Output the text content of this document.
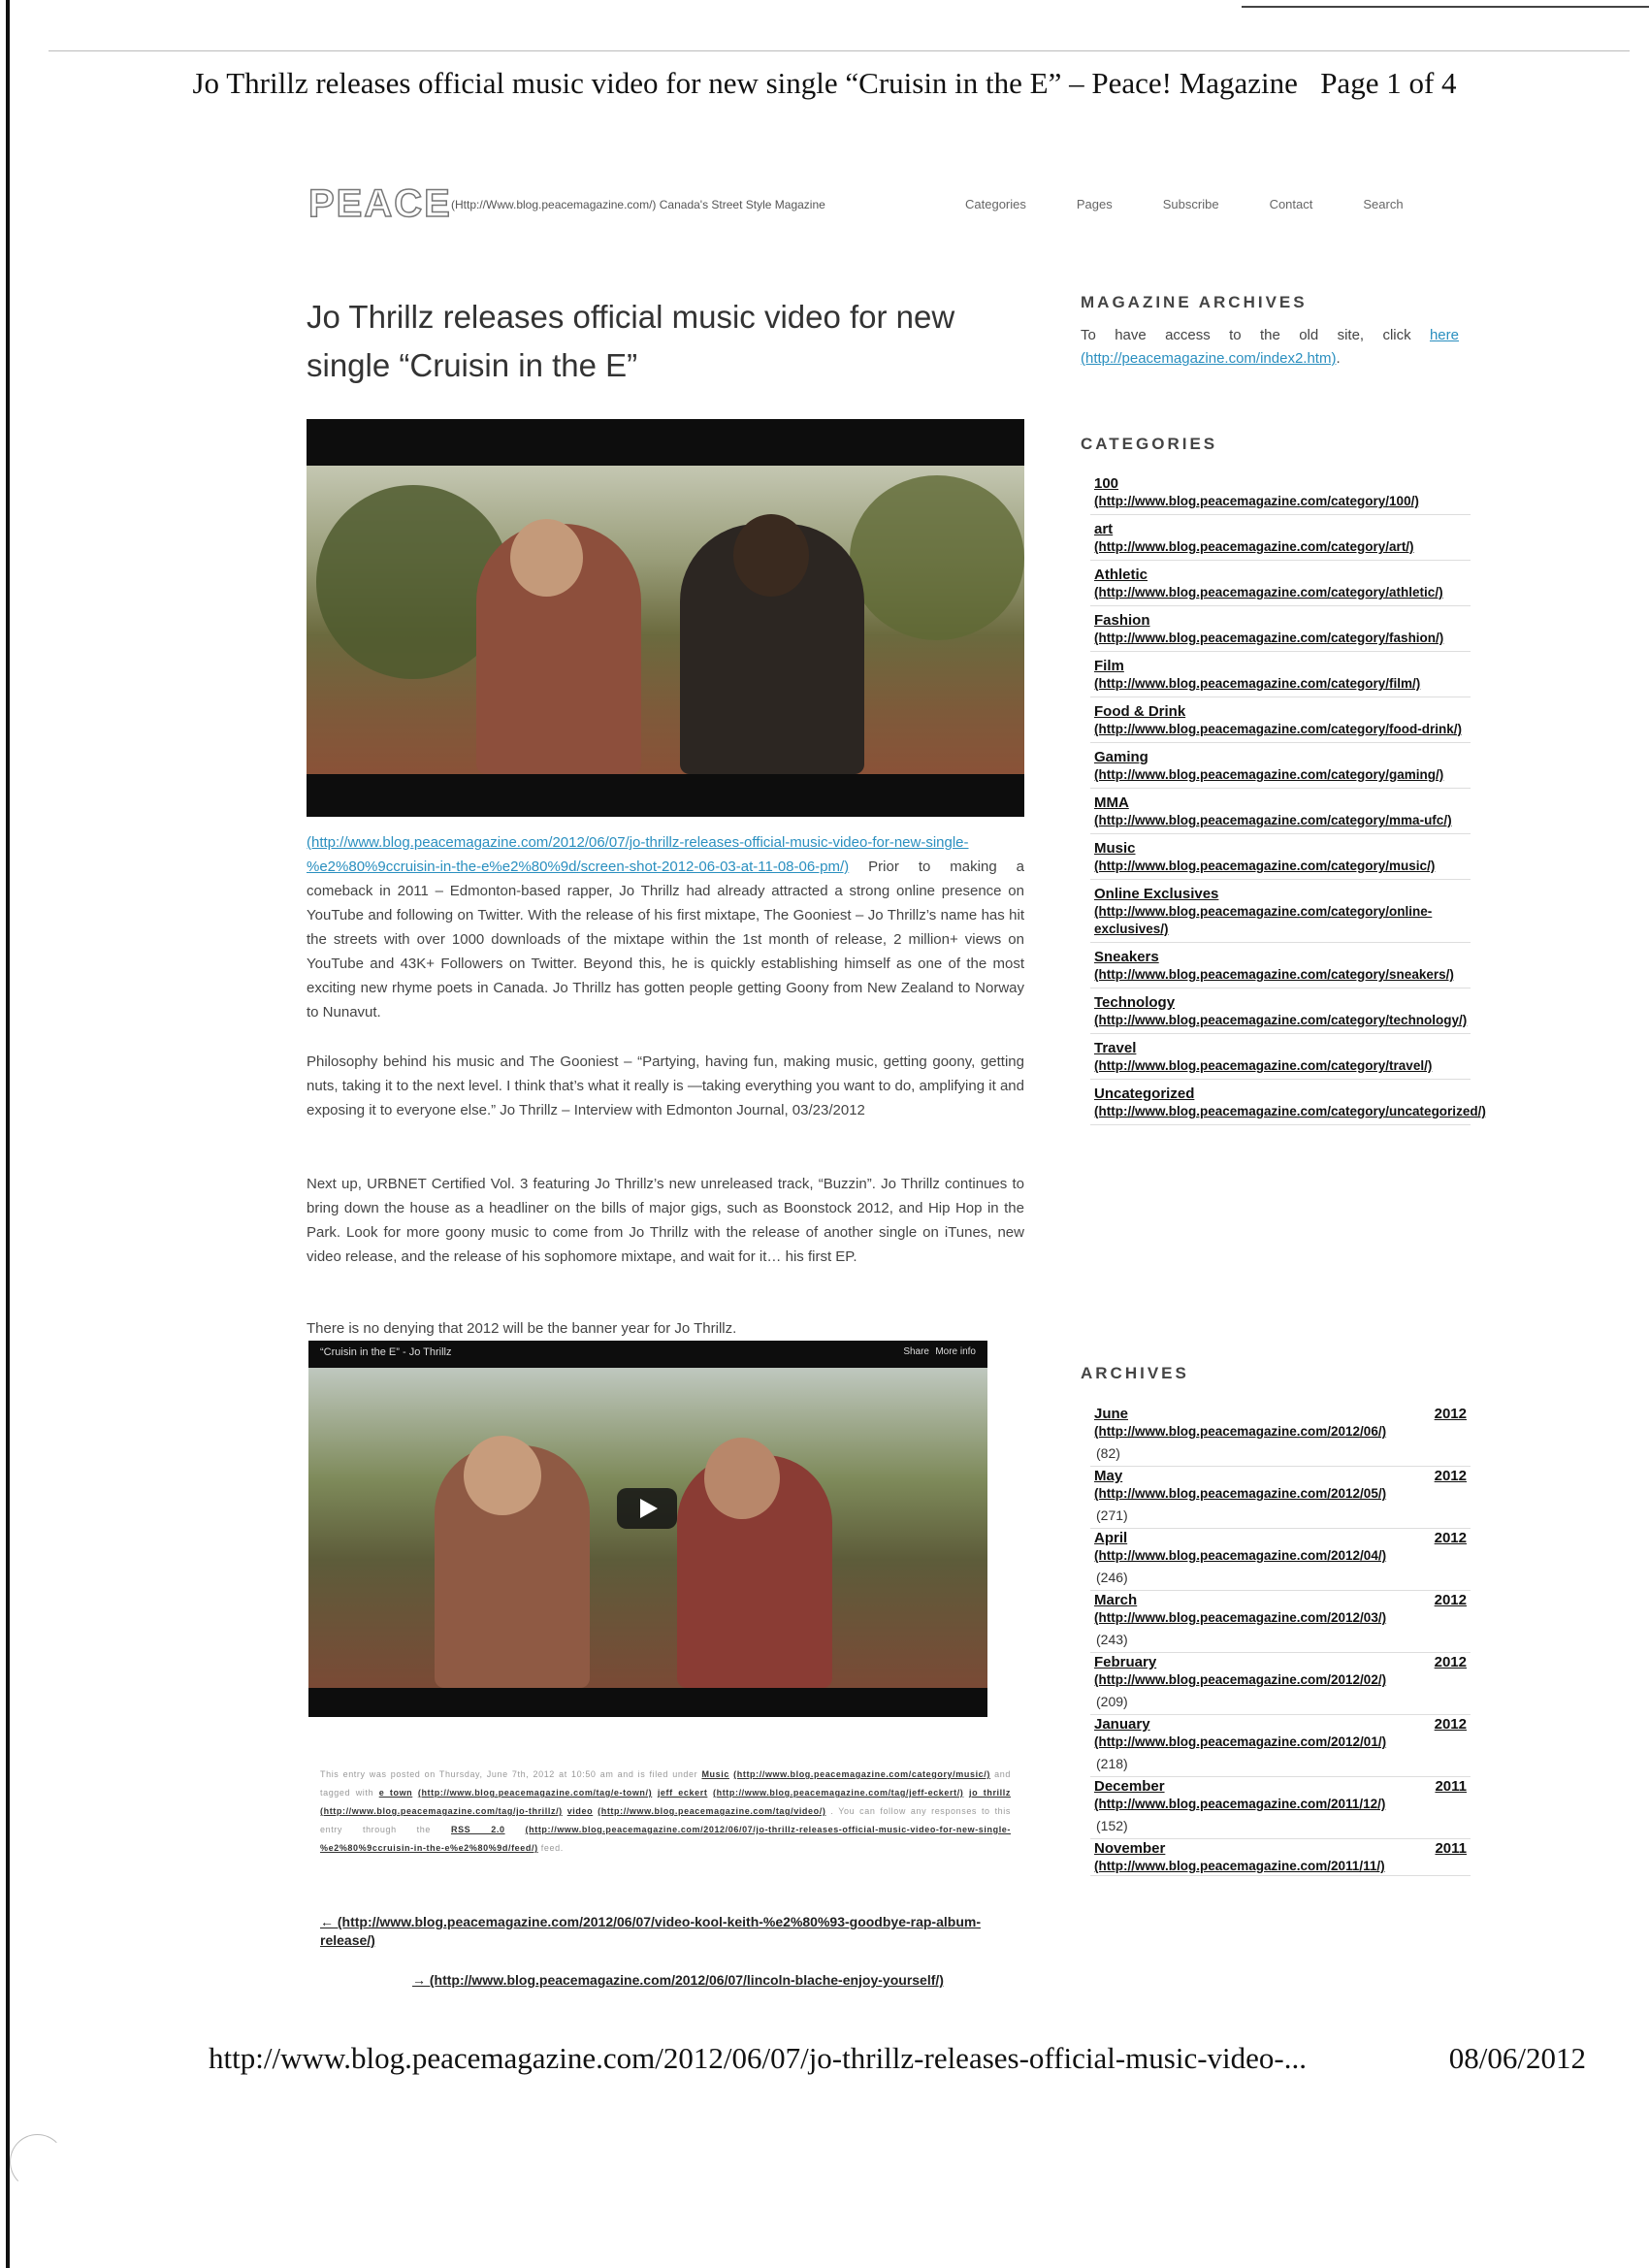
Jo Thrillz releases official music video for new single “Cruisin in the E” – Peace! Magazine Page 1 of 4
PEACE (Http://Www.blog.peacemagazine.com/) Canada's Street Style Magazine	Categories	Pages	Subscribe	Contact	Search
Jo Thrillz releases official music video for new single “Cruisin in the E”
(http://www.blog.peacemagazine.com/2012/06/07/jo-thrillz-releases-official-music-video-for-new-single-%e2%80%9ccruisin-in-the-e%e2%80%9d/screen-shot-2012-06-03-at-11-08-06-pm/) Prior to making a comeback in 2011 – Edmonton-based rapper, Jo Thrillz had already attracted a strong online presence on YouTube and following on Twitter. With the release of his first mixtape, The Gooniest – Jo Thrillz’s name has hit the streets with over 1000 downloads of the mixtape within the 1st month of release, 2 million+ views on YouTube and 43K+ Followers on Twitter. Beyond this, he is quickly establishing himself as one of the most exciting new rhyme poets in Canada. Jo Thrillz has gotten people getting Goony from New Zealand to Norway to Nunavut.

Philosophy behind his music and The Gooniest – “Partying, having fun, making music, getting goony, getting nuts, taking it to the next level. I think that’s what it really is —taking everything you want to do, amplifying it and exposing it to everyone else.” Jo Thrillz – Interview with Edmonton Journal, 03/23/2012

Next up, URBNET Certified Vol. 3 featuring Jo Thrillz’s new unreleased track, “Buzzin”. Jo Thrillz continues to bring down the house as a headliner on the bills of major gigs, such as Boonstock 2012, and Hip Hop in the Park. Look for more goony music to come from Jo Thrillz with the release of another single on iTunes, new video release, and the release of his sophomore mixtape, and wait for it… his first EP.

There is no denying that 2012 will be the banner year for Jo Thrillz.

“Cruisin in the E” - Jo Thrillz	Share More info
This entry was posted on Thursday, June 7th, 2012 at 10:50 am and is filed under Music (http://www.blog.peacemagazine.com/category/music/) and tagged with e town (http://www.blog.peacemagazine.com/tag/e-town/) jeff eckert (http://www.blog.peacemagazine.com/tag/jeff-eckert/) jo thrillz (http://www.blog.peacemagazine.com/tag/jo-thrillz/) video (http://www.blog.peacemagazine.com/tag/video/) . You can follow any responses to this entry through the RSS 2.0 (http://www.blog.peacemagazine.com/2012/06/07/jo-thrillz-releases-official-music-video-for-new-single-%e2%80%9ccruisin-in-the-e%e2%80%9d/feed/) feed.
← (http://www.blog.peacemagazine.com/2012/06/07/video-kool-keith-%e2%80%93-goodbye-rap-album-release/)
→ (http://www.blog.peacemagazine.com/2012/06/07/lincoln-blache-enjoy-yourself/)
MAGAZINE ARCHIVES
To have access to the old site, click here (http://peacemagazine.com/index2.htm).
CATEGORIES
100
(http://www.blog.peacemagazine.com/category/100/)
art
(http://www.blog.peacemagazine.com/category/art/)
Athletic
(http://www.blog.peacemagazine.com/category/athletic/)
Fashion
(http://www.blog.peacemagazine.com/category/fashion/)
Film
(http://www.blog.peacemagazine.com/category/film/)
Food & Drink
(http://www.blog.peacemagazine.com/category/food-drink/)
Gaming
(http://www.blog.peacemagazine.com/category/gaming/)
MMA
(http://www.blog.peacemagazine.com/category/mma-ufc/)
Music
(http://www.blog.peacemagazine.com/category/music/)
Online Exclusives
(http://www.blog.peacemagazine.com/category/online-exclusives/)
Sneakers
(http://www.blog.peacemagazine.com/category/sneakers/)
Technology
(http://www.blog.peacemagazine.com/category/technology/)
Travel
(http://www.blog.peacemagazine.com/category/travel/)
Uncategorized
(http://www.blog.peacemagazine.com/category/uncategorized/)
ARCHIVES
June	2012
(http://www.blog.peacemagazine.com/2012/06/)
(82)
May	2012
(http://www.blog.peacemagazine.com/2012/05/)
(271)
April	2012
(http://www.blog.peacemagazine.com/2012/04/)
(246)
March	2012
(http://www.blog.peacemagazine.com/2012/03/)
(243)
February	2012
(http://www.blog.peacemagazine.com/2012/02/)
(209)
January	2012
(http://www.blog.peacemagazine.com/2012/01/)
(218)
December	2011
(http://www.blog.peacemagazine.com/2011/12/)
(152)
November	2011
(http://www.blog.peacemagazine.com/2011/11/)
http://www.blog.peacemagazine.com/2012/06/07/jo-thrillz-releases-official-music-video-...	08/06/2012
